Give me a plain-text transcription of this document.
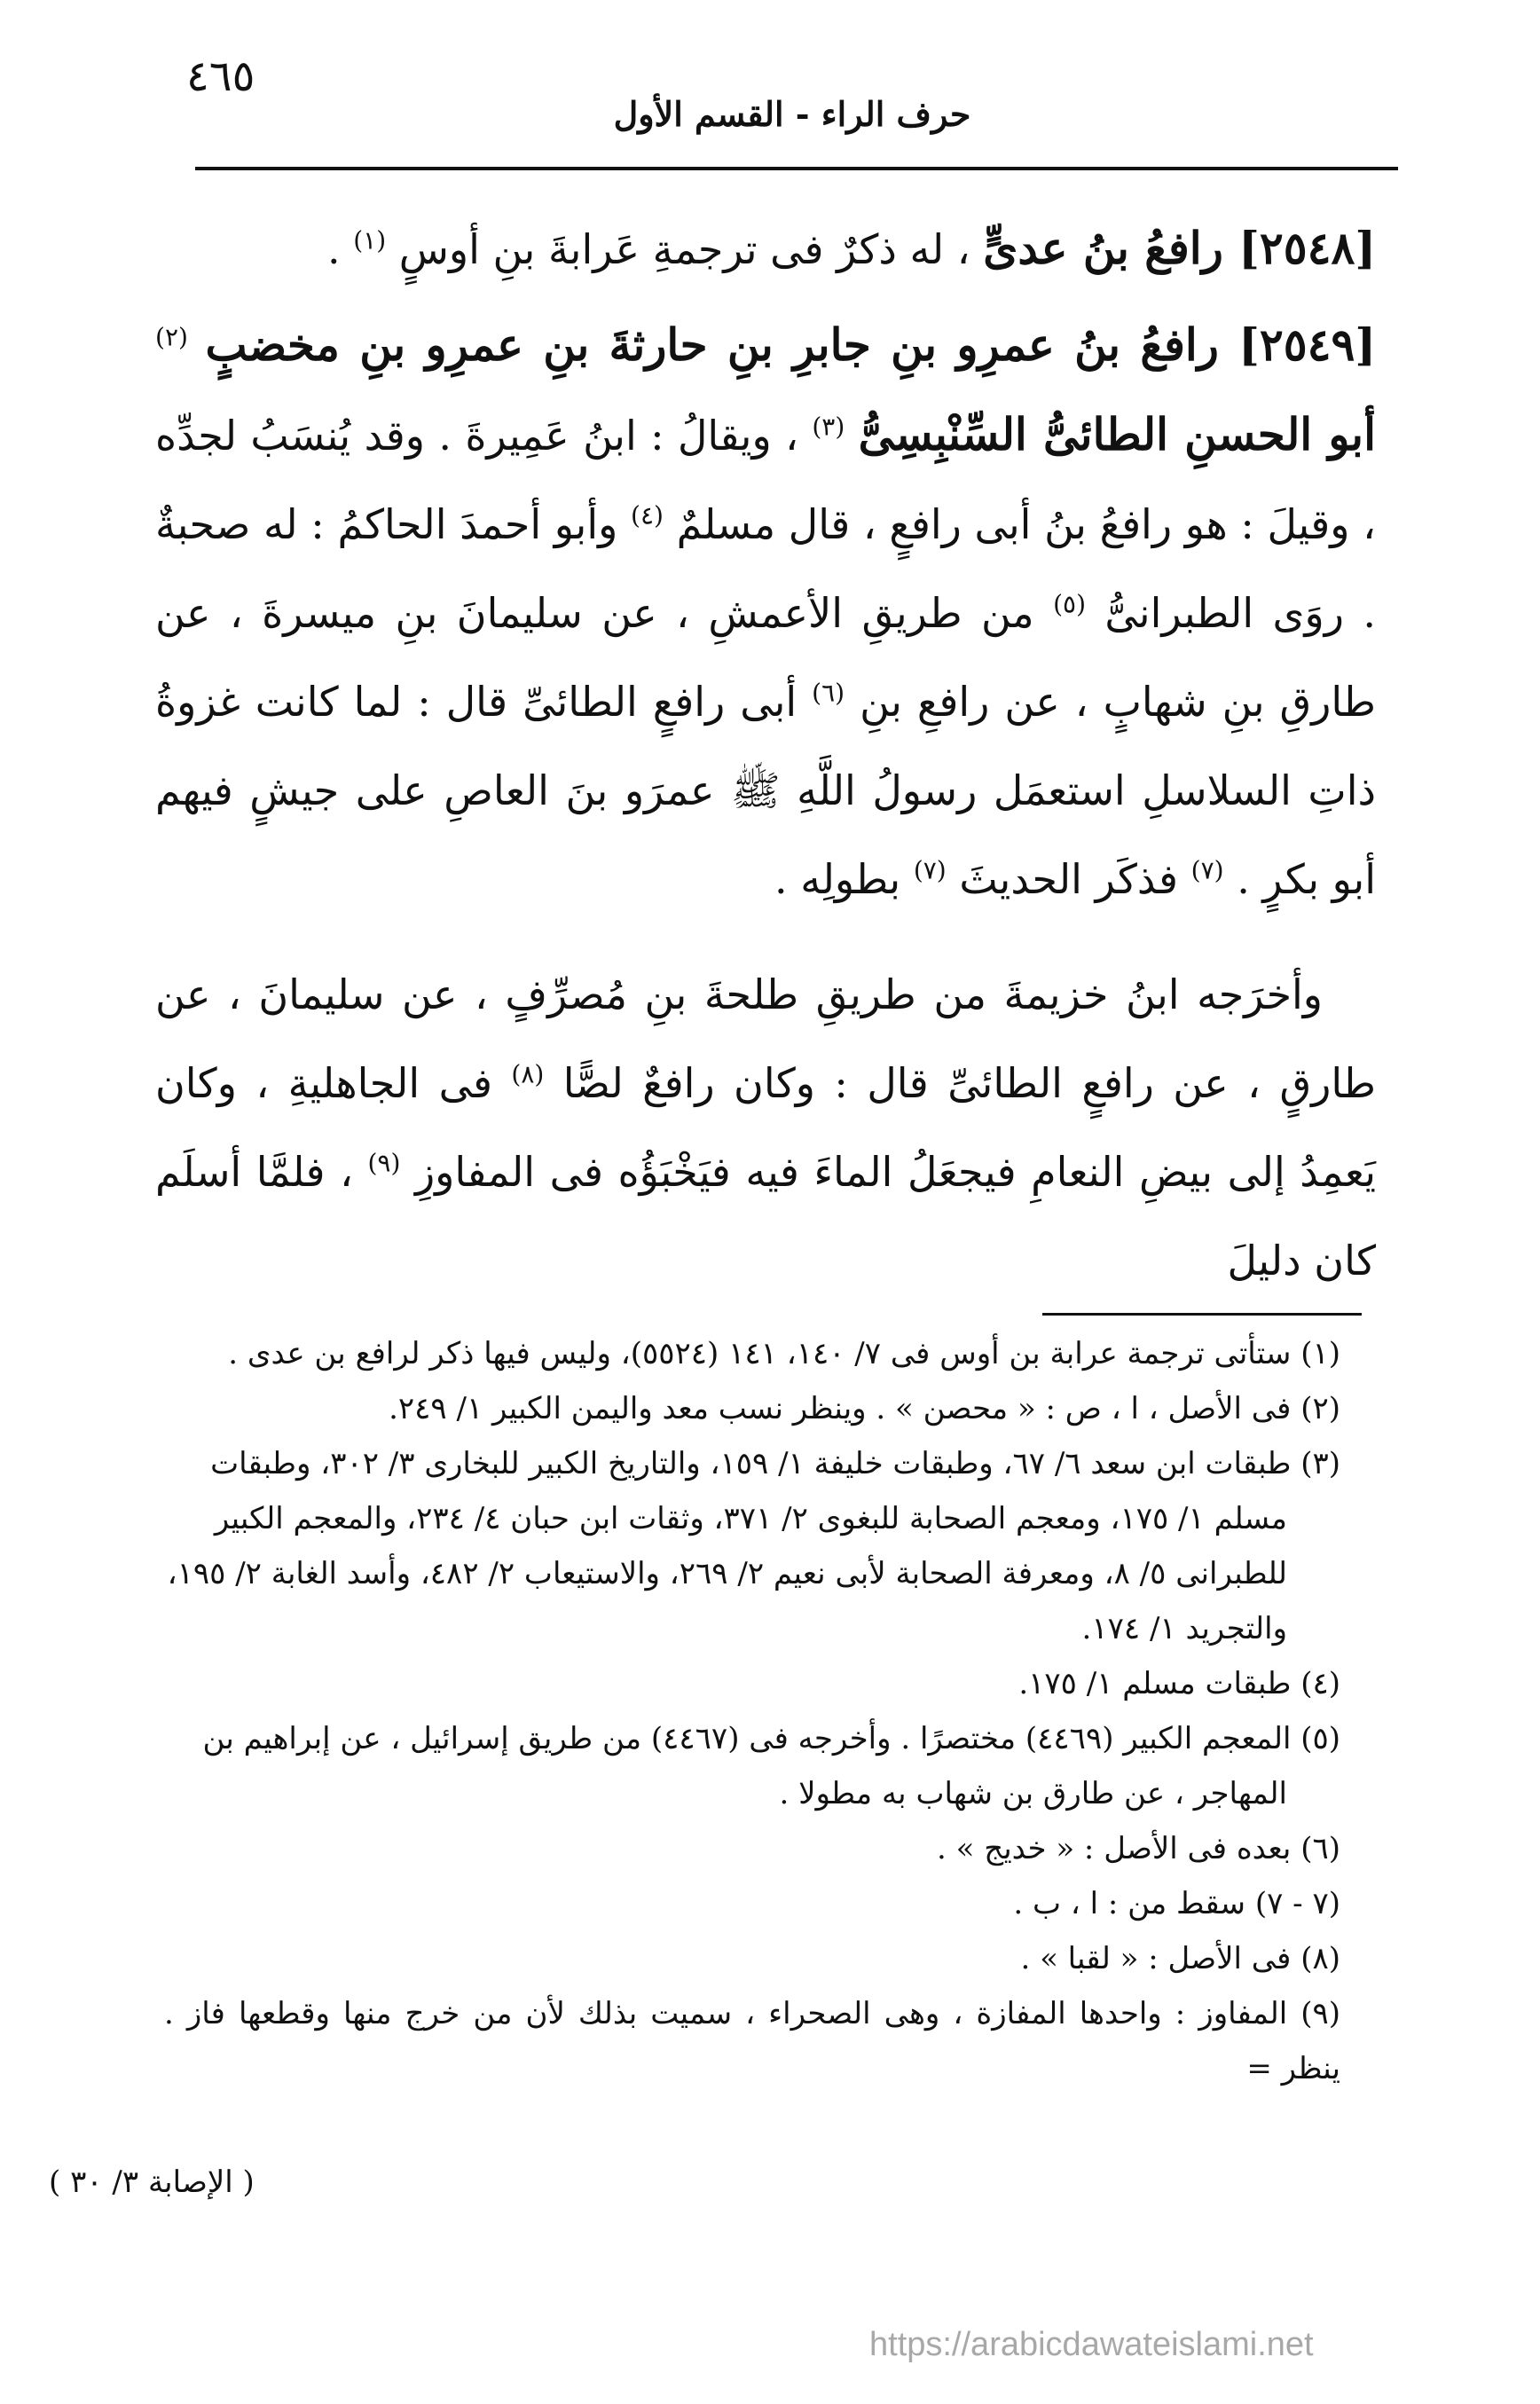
٤٦٥
حرف الراء - القسم الأول

[٢٥٤٨] رافعُ بنُ عدىٍّ ، له ذكرٌ فى ترجمةِ عَرابةَ بنِ أوسٍ $^{(١)}$ .

[٢٥٤٩] رافعُ بنُ عمرِو بنِ جابرِ بنِ حارثةَ بنِ عمرِو بنِ مخضبٍ $^{(٢)}$ أبو الحسنِ الطائىُّ السِّنْبِسِىُّ $^{(٣)}$ ، ويقالُ : ابنُ عَمِيرةَ . وقد يُنسَبُ لجدِّه ، وقيلَ : هو رافعُ بنُ أبى رافعٍ ، قال مسلمٌ $^{(٤)}$ وأبو أحمدَ الحاكمُ : له صحبةٌ . روَى الطبرانىُّ $^{(٥)}$ من طريقِ الأعمشِ ، عن سليمانَ بنِ ميسرةَ ، عن طارقِ بنِ شهابٍ ، عن رافعِ بنِ $^{(٦)}$ أبى رافعٍ الطائىِّ قال : لما كانت غزوةُ ذاتِ السلاسلِ استعمَل رسولُ اللَّهِ ﷺ عمرَو بنَ العاصِ على جيشٍ فيهم أبو بكرٍ . $^{(٧)}$ فذكَر الحديثَ $^{(٧)}$ بطولِه .

وأخرَجه ابنُ خزيمةَ من طريقِ طلحةَ بنِ مُصرِّفٍ ، عن سليمانَ ، عن طارقٍ ، عن رافعٍ الطائىِّ قال : وكان رافعٌ لصًّا $^{(٨)}$ فى الجاهليةِ ، وكان يَعمِدُ إلى بيضِ النعامِ فيجعَلُ الماءَ فيه فيَخْبَؤُه فى المفاوزِ $^{(٩)}$ ، فلمَّا أسلَم كان دليلَ

(١) ستأتى ترجمة عرابة بن أوس فى ٧/ ١٤٠، ١٤١ (٥٥٢٤)، وليس فيها ذكر لرافع بن عدى .

(٢) فى الأصل ، ا ، ص : « محصن » . وينظر نسب معد واليمن الكبير ١/ ٢٤٩.

(٣) طبقات ابن سعد ٦/ ٦٧، وطبقات خليفة ١/ ١٥٩، والتاريخ الكبير للبخارى ٣/ ٣٠٢، وطبقات

مسلم ١/ ١٧٥، ومعجم الصحابة للبغوى ٢/ ٣٧١، وثقات ابن حبان ٤/ ٢٣٤، والمعجم الكبير

للطبرانى ٥/ ٨، ومعرفة الصحابة لأبى نعيم ٢/ ٢٦٩، والاستيعاب ٢/ ٤٨٢، وأسد الغابة ٢/ ١٩٥،

والتجريد ١/ ١٧٤.

(٤) طبقات مسلم ١/ ١٧٥.

(٥) المعجم الكبير (٤٤٦٩) مختصرًا . وأخرجه فى (٤٤٦٧) من طريق إسرائيل ، عن إبراهيم بن

المهاجر ، عن طارق بن شهاب به مطولا .

(٦) بعده فى الأصل : « خديج » .

(٧ - ٧) سقط من : ا ، ب .

(٨) فى الأصل : « لقبا » .

(٩) المفاوز : واحدها المفازة ، وهى الصحراء ، سميت بذلك لأن من خرج منها وقطعها فاز . ينظر =

( الإصابة ٣/ ٣٠ )
https://arabicdawateislami.net
